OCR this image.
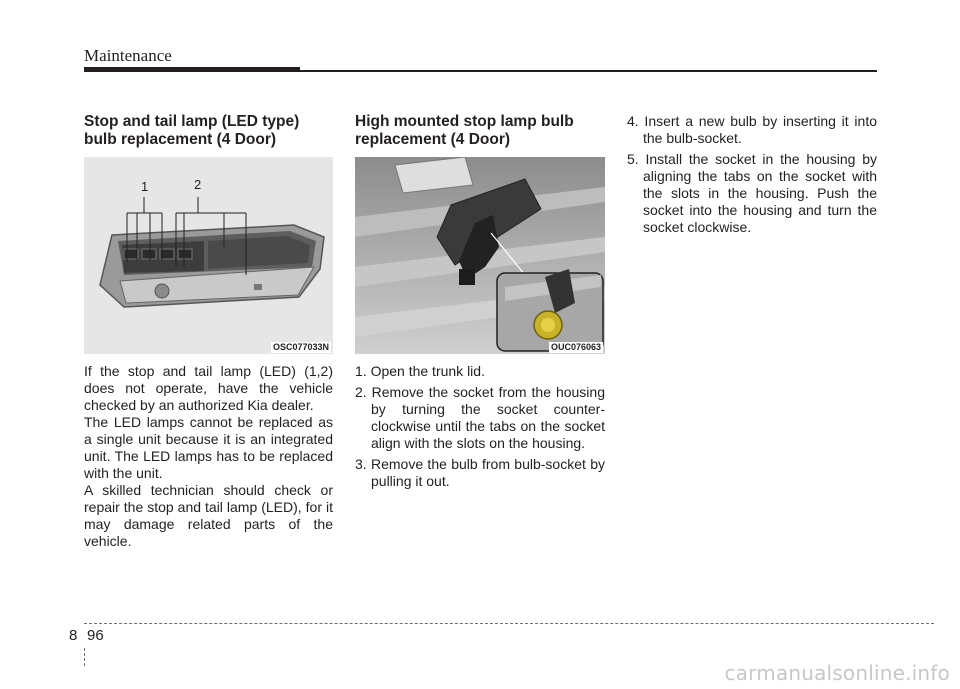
Maintenance
Stop and tail lamp (LED type)
bulb replacement (4 Door)
1	2
OSC077033N

If the stop and tail lamp (LED) (1,2) does not operate, have the vehicle checked by an authorized Kia dealer.

The LED lamps cannot be replaced as a single unit because it is an integrated unit. The LED lamps has to be replaced with the unit.

A skilled technician should check or repair the stop and tail lamp (LED), for it may damage related parts of the vehicle.

High mounted stop lamp bulb
replacement (4 Door)
OUC076063
1. Open the trunk lid.
2. Remove the socket from the housing by turning the socket counter-clockwise until the tabs on the socket align with the slots on the housing.
3. Remove the bulb from bulb-socket by pulling it out.
4. Insert a new bulb by inserting it into the bulb-socket.
5. Install the socket in the housing by aligning the tabs on the socket with the slots in the housing. Push the socket into the housing and turn the socket clockwise.
8 96
carmanualsonline.info
